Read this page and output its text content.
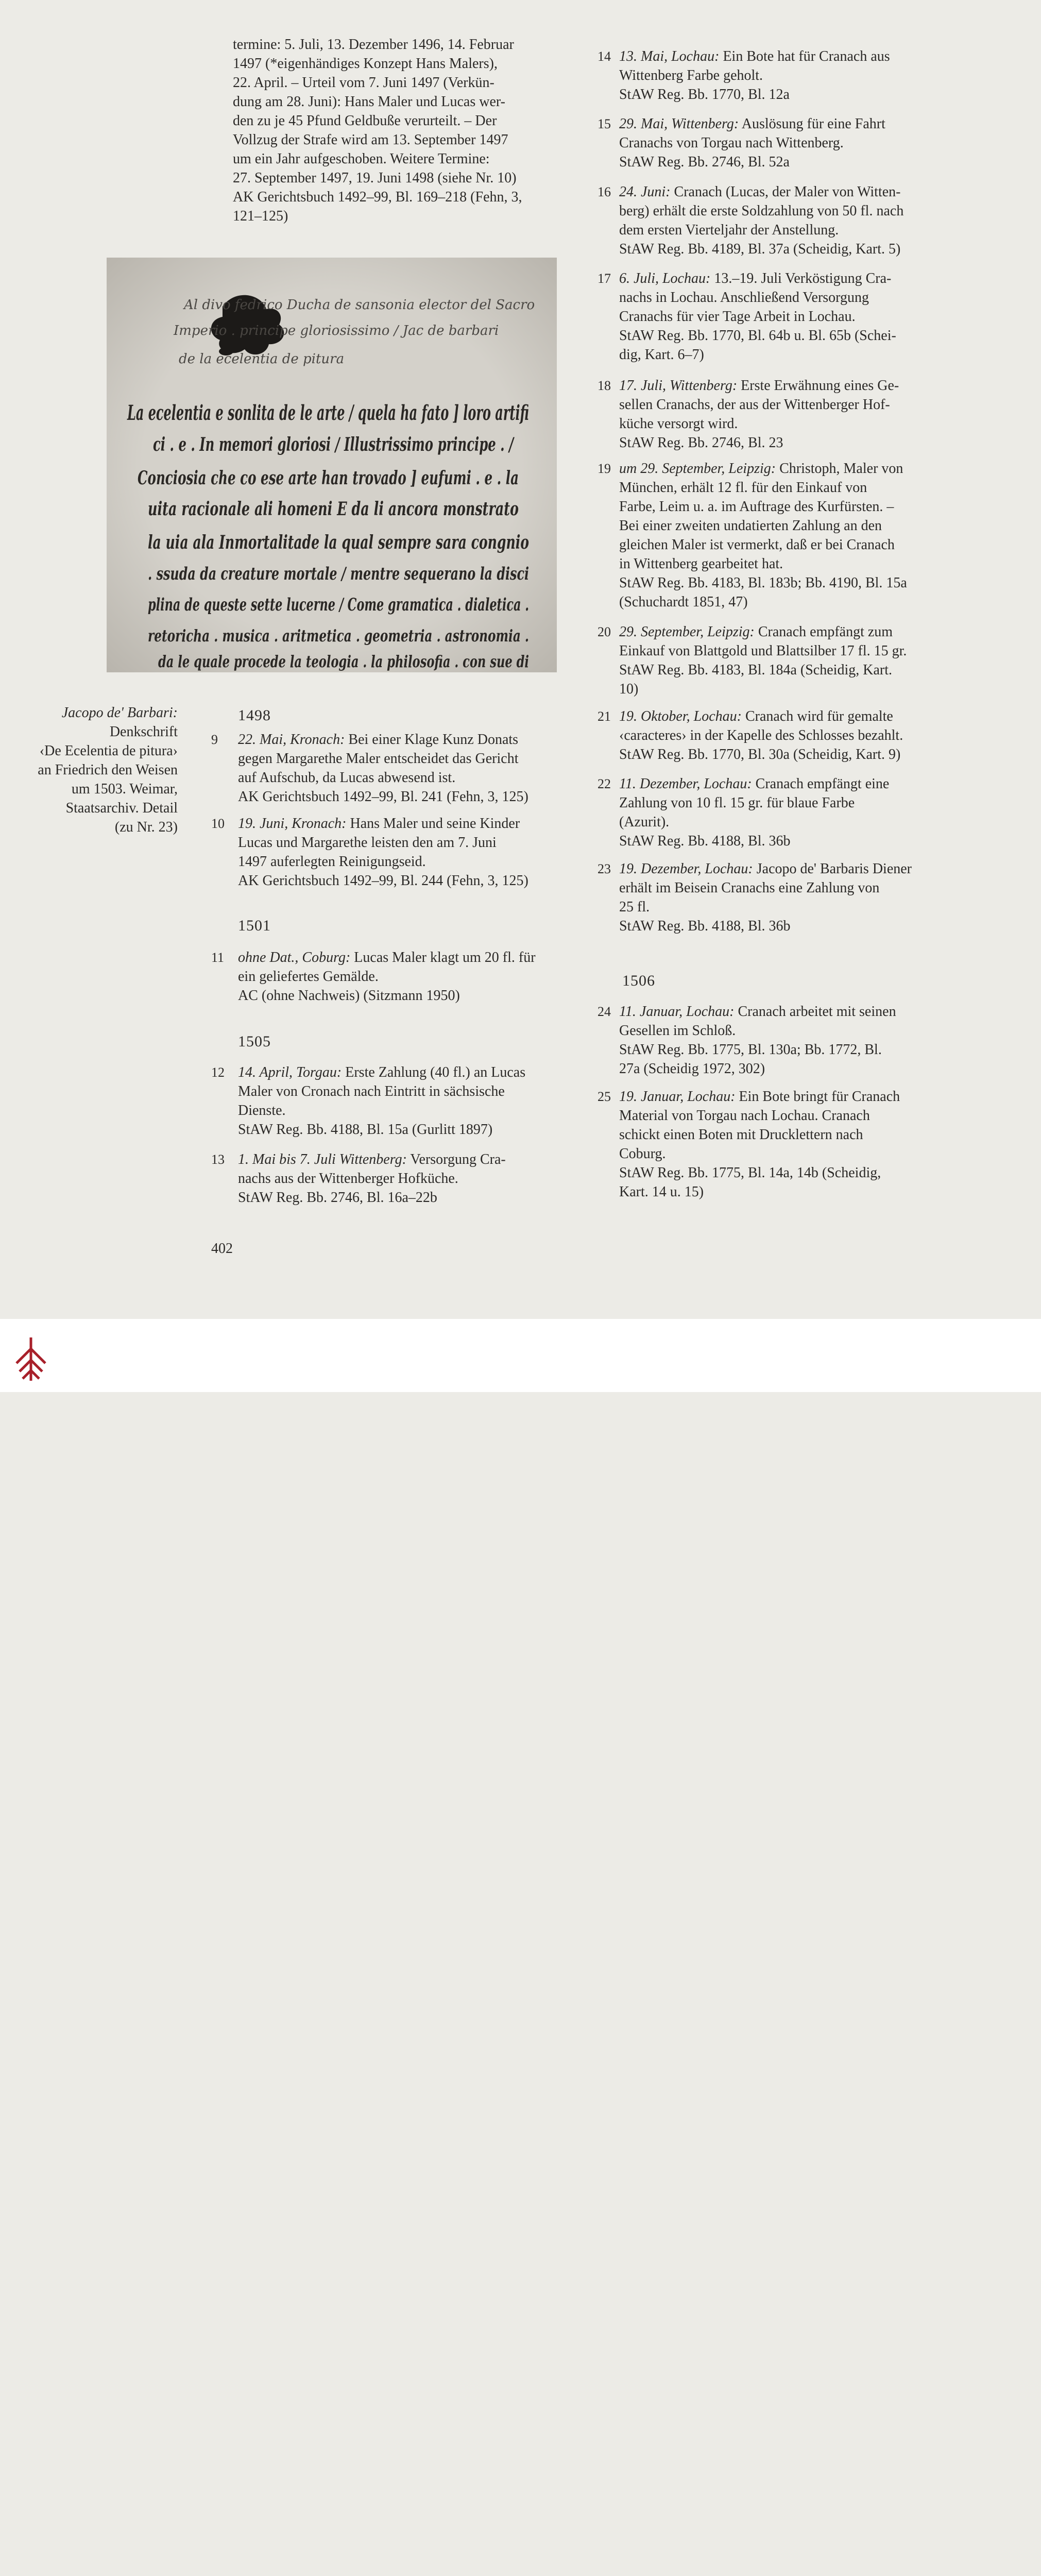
termine: 5. Juli, 13. Dezember 1496, 14. Februar
1497 (*eigenhändiges Konzept Hans Malers),
22. April. – Urteil vom 7. Juni 1497 (Verkün-
dung am 28. Juni): Hans Maler und Lucas wer-
den zu je 45 Pfund Geldbuße verurteilt. – Der
Vollzug der Strafe wird am 13. September 1497
um ein Jahr aufgeschoben. Weitere Termine:
27. September 1497, 19. Juni 1498 (siehe Nr. 10)
AK Gerichtsbuch 1492–99, Bl. 169–218 (Fehn, 3,
121–125)
Al divo fedrico Ducha de sansonia elector del Sacro
Imperio . principe gloriosissimo / Jac de barbari
de la ecelentia de pitura
La ecelentia e sonlita de le arte / quela ha fato ] loro artifi
ci . e . In memori gloriosi / Illustrissimo principe . /
Conciosia che co ese arte han trovado ] eufumi . e . la
uita racionale ali homeni E da li ancora monstrato
la uia ala Inmortalitade la qual sempre sara congnio
. ssuda da creature mortale / mentre sequerano la disci
plina de queste sette lucerne / Come gramatica . dialetica .
retoricha . musica . aritmetica . geometria . astronomia .
da le quale procede la teologia . la philosofia . con sue di
Jacopo de' Barbari:
Denkschrift
‹De Ecelentia de pitura›
an Friedrich den Weisen
um 1503. Weimar,
Staatsarchiv. Detail
(zu Nr. 23)
1498
9	22. Mai, Kronach: Bei einer Klage Kunz Donats
gegen Margarethe Maler entscheidet das Gericht
auf Aufschub, da Lucas abwesend ist.
AK Gerichtsbuch 1492–99, Bl. 241 (Fehn, 3, 125)
10 19. Juni, Kronach: Hans Maler und seine Kinder
Lucas und Margarethe leisten den am 7. Juni
1497 auferlegten Reinigungseid.
AK Gerichtsbuch 1492–99, Bl. 244 (Fehn, 3, 125)
1501
11 ohne Dat., Coburg: Lucas Maler klagt um 20 fl. für
ein geliefertes Gemälde.
AC (ohne Nachweis) (Sitzmann 1950)
1505
12 14. April, Torgau: Erste Zahlung (40 fl.) an Lucas
Maler von Cronach nach Eintritt in sächsische
Dienste.
StAW Reg. Bb. 4188, Bl. 15a (Gurlitt 1897)
13 1. Mai bis 7. Juli Wittenberg: Versorgung Cra-
nachs aus der Wittenberger Hofküche.
StAW Reg. Bb. 2746, Bl. 16a–22b
402
14 13. Mai, Lochau: Ein Bote hat für Cranach aus
Wittenberg Farbe geholt.
StAW Reg. Bb. 1770, Bl. 12a
15 29. Mai, Wittenberg: Auslösung für eine Fahrt
Cranachs von Torgau nach Wittenberg.
StAW Reg. Bb. 2746, Bl. 52a
16 24. Juni: Cranach (Lucas, der Maler von Witten-
berg) erhält die erste Soldzahlung von 50 fl. nach
dem ersten Vierteljahr der Anstellung.
StAW Reg. Bb. 4189, Bl. 37a (Scheidig, Kart. 5)
17 6. Juli, Lochau: 13.–19. Juli Verköstigung Cra-
nachs in Lochau. Anschließend Versorgung
Cranachs für vier Tage Arbeit in Lochau.
StAW Reg. Bb. 1770, Bl. 64b u. Bl. 65b (Schei-
dig, Kart. 6–7)
18 17. Juli, Wittenberg: Erste Erwähnung eines Ge-
sellen Cranachs, der aus der Wittenberger Hof-
küche versorgt wird.
StAW Reg. Bb. 2746, Bl. 23
19 um 29. September, Leipzig: Christoph, Maler von
München, erhält 12 fl. für den Einkauf von
Farbe, Leim u. a. im Auftrage des Kurfürsten. –
Bei einer zweiten undatierten Zahlung an den
gleichen Maler ist vermerkt, daß er bei Cranach
in Wittenberg gearbeitet hat.
StAW Reg. Bb. 4183, Bl. 183b; Bb. 4190, Bl. 15a
(Schuchardt 1851, 47)
20 29. September, Leipzig: Cranach empfängt zum
Einkauf von Blattgold und Blattsilber 17 fl. 15 gr.
StAW Reg. Bb. 4183, Bl. 184a (Scheidig, Kart.
10)
21 19. Oktober, Lochau: Cranach wird für gemalte
‹caracteres› in der Kapelle des Schlosses bezahlt.
StAW Reg. Bb. 1770, Bl. 30a (Scheidig, Kart. 9)
22 11. Dezember, Lochau: Cranach empfängt eine
Zahlung von 10 fl. 15 gr. für blaue Farbe
(Azurit).
StAW Reg. Bb. 4188, Bl. 36b
23 19. Dezember, Lochau: Jacopo de' Barbaris Diener
erhält im Beisein Cranachs eine Zahlung von
25 fl.
StAW Reg. Bb. 4188, Bl. 36b
1506
24 11. Januar, Lochau: Cranach arbeitet mit seinen
Gesellen im Schloß.
StAW Reg. Bb. 1775, Bl. 130a; Bb. 1772, Bl.
27a (Scheidig 1972, 302)
25 19. Januar, Lochau: Ein Bote bringt für Cranach
Material von Torgau nach Lochau. Cranach
schickt einen Boten mit Drucklettern nach
Coburg.
StAW Reg. Bb. 1775, Bl. 14a, 14b (Scheidig,
Kart. 14 u. 15)
